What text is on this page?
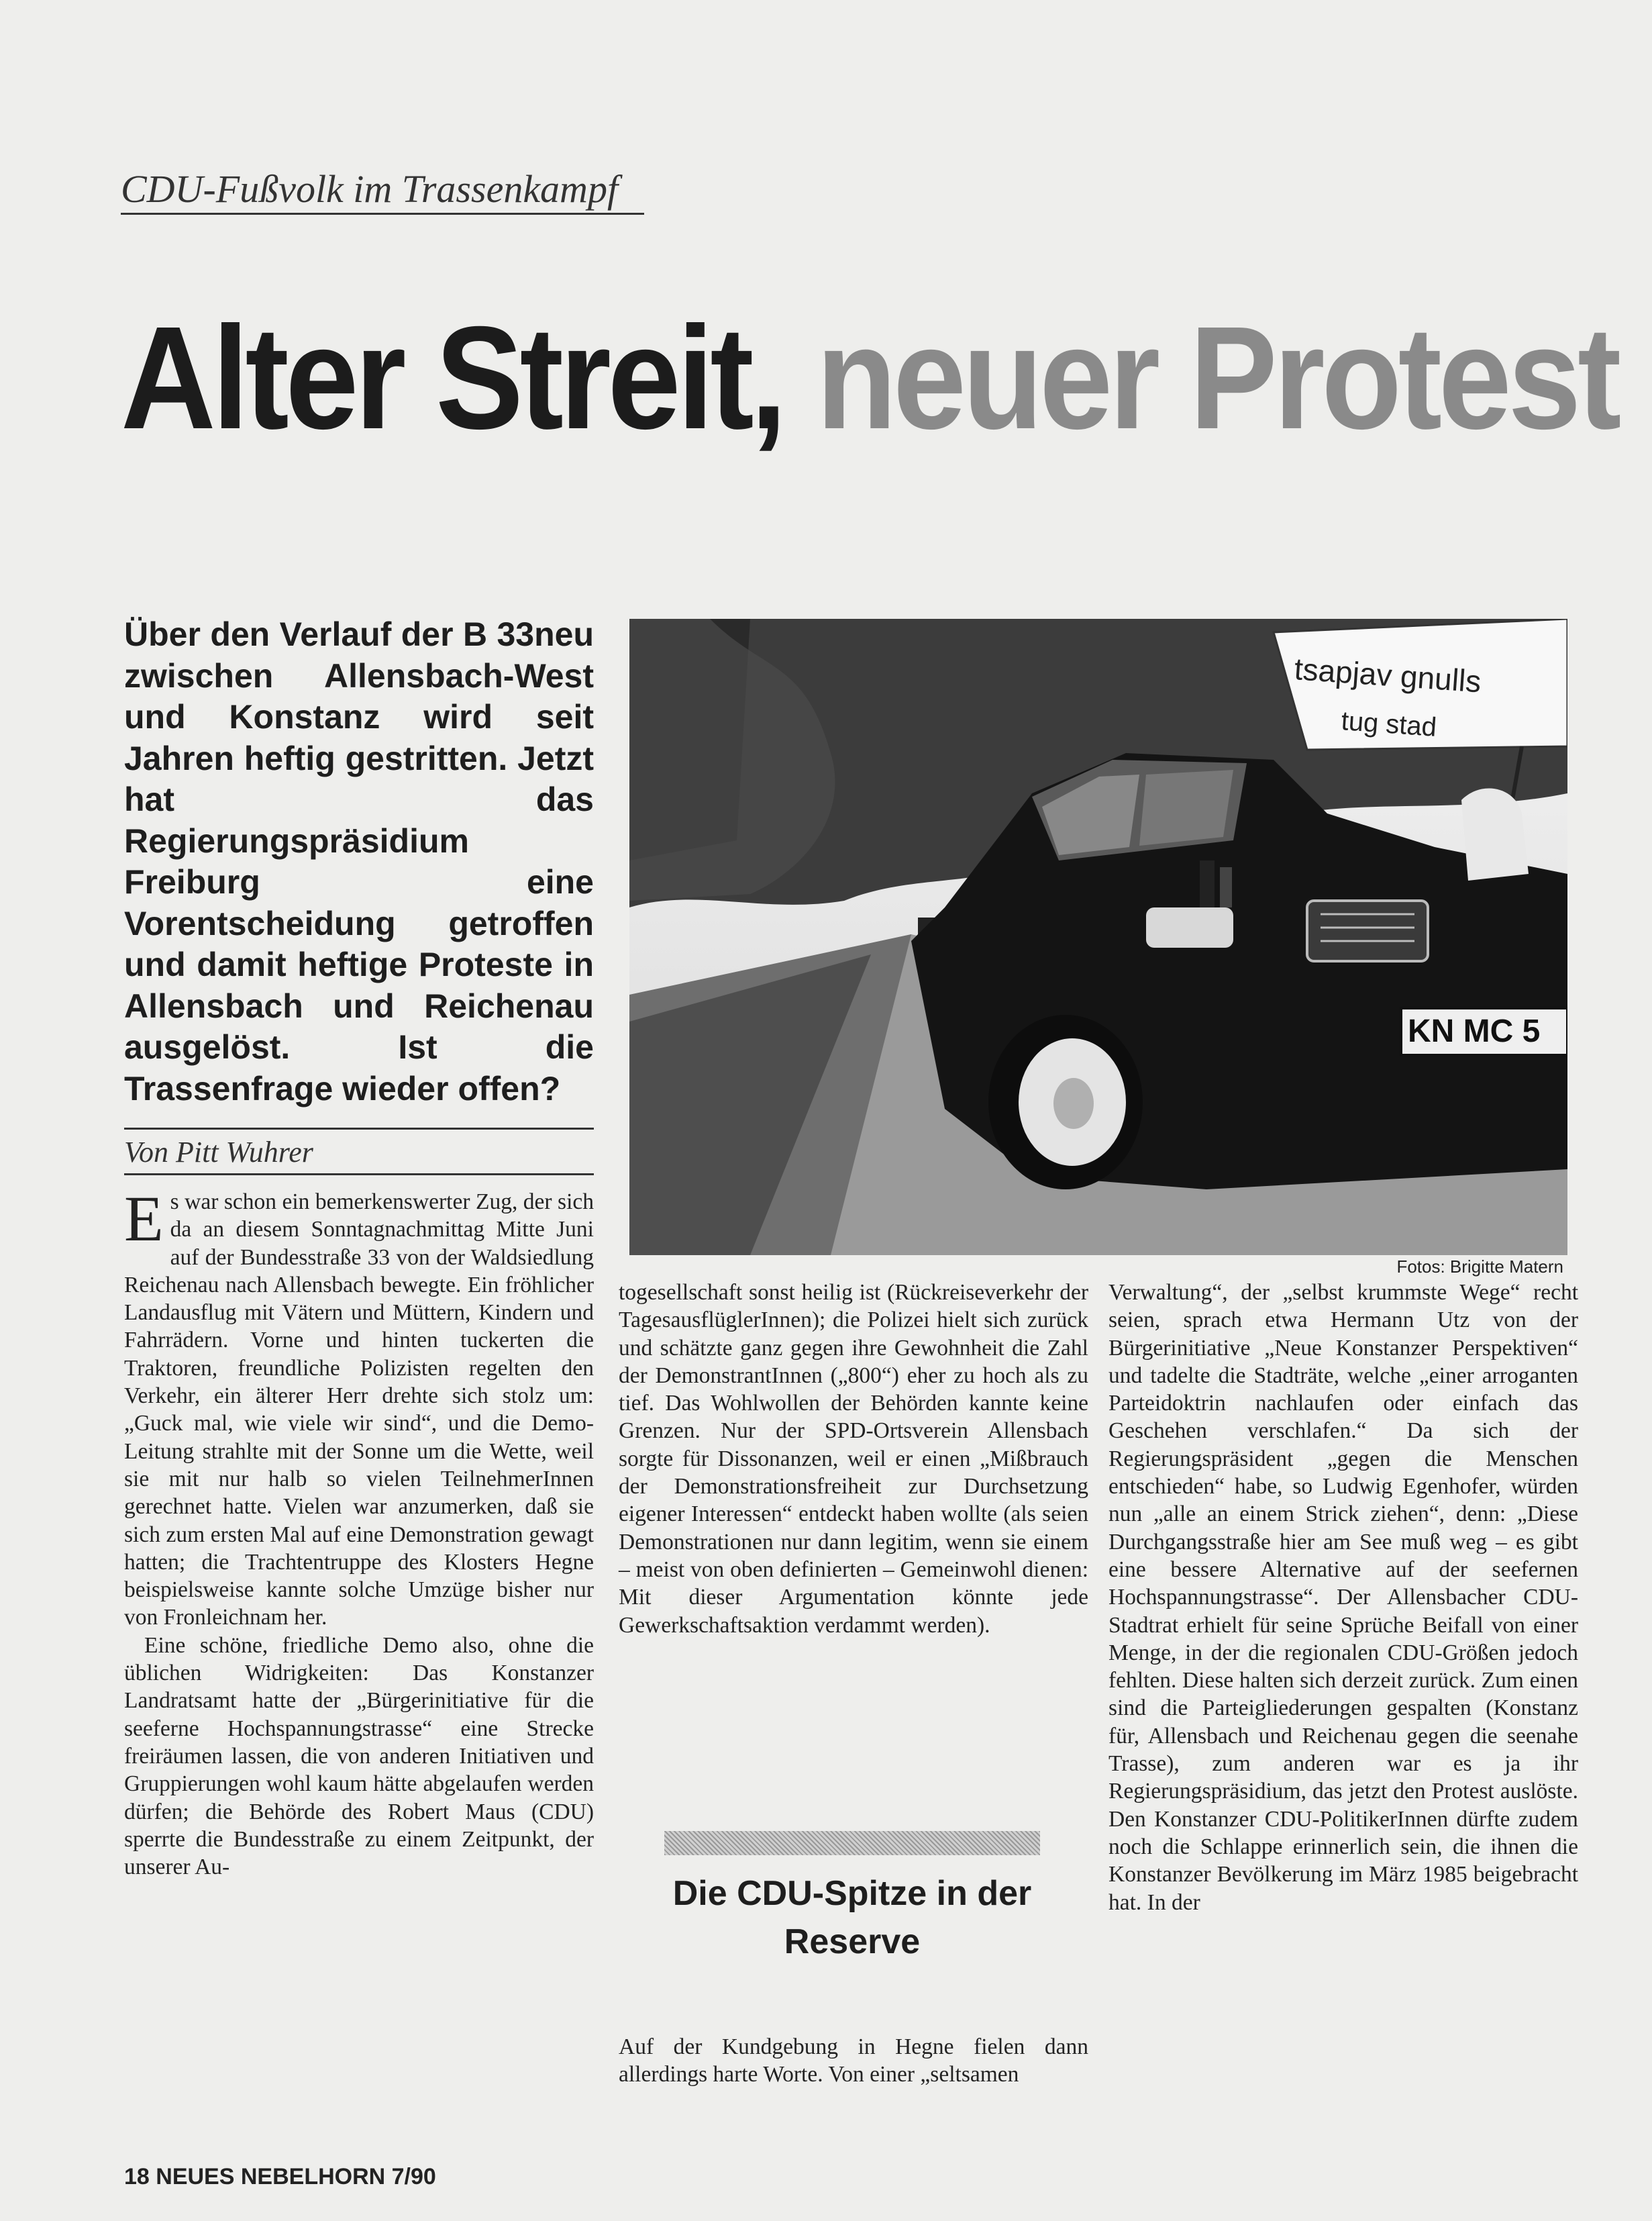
CDU-Fußvolk im Trassenkampf
Alter Streit, neuer Protest
Über den Verlauf der B 33neu zwischen Allensbach-West und Konstanz wird seit Jahren heftig gestritten. Jetzt hat das Regierungspräsidium Freiburg eine Vorentscheidung getroffen und damit heftige Proteste in Allensbach und Reichenau ausgelöst. Ist die Trassenfrage wieder offen?
Von Pitt Wuhrer

Es war schon ein bemerkenswerter Zug, der sich da an diesem Sonntagnachmittag Mitte Juni auf der Bundesstraße 33 von der Waldsiedlung Reichenau nach Allensbach bewegte. Ein fröhlicher Landausflug mit Vätern und Müttern, Kindern und Fahrrädern. Vorne und hinten tuckerten die Traktoren, freundliche Polizisten regelten den Verkehr, ein älterer Herr drehte sich stolz um: „Guck mal, wie viele wir sind“, und die Demo-Leitung strahlte mit der Sonne um die Wette, weil sie mit nur halb so vielen TeilnehmerInnen gerechnet hatte. Vielen war anzumerken, daß sie sich zum ersten Mal auf eine Demonstration gewagt hatten; die Trachtentruppe des Klosters Hegne beispielsweise kannte solche Umzüge bisher nur von Fronleichnam her.

Eine schöne, friedliche Demo also, ohne die üblichen Widrigkeiten: Das Konstanzer Landratsamt hatte der „Bürgerinitiative für die seeferne Hochspannungstrasse“ eine Strecke freiräumen lassen, die von anderen Initiativen und Gruppierungen wohl kaum hätte abgelaufen werden dürfen; die Behörde des Robert Maus (CDU) sperrte die Bundesstraße zu einem Zeitpunkt, der unserer Au-

KN MC 5
tsapjav gnulls
tug stad
Fotos: Brigitte Matern

togesellschaft sonst heilig ist (Rückreiseverkehr der TagesausflüglerInnen); die Polizei hielt sich zurück und schätzte ganz gegen ihre Gewohnheit die Zahl der DemonstrantInnen („800“) eher zu hoch als zu tief. Das Wohlwollen der Behörden kannte keine Grenzen. Nur der SPD-Ortsverein Allensbach sorgte für Dissonanzen, weil er einen „Mißbrauch der Demonstrationsfreiheit zur Durchsetzung eigener Interessen“ entdeckt haben wollte (als seien Demonstrationen nur dann legitim, wenn sie einem – meist von oben definierten – Gemeinwohl dienen: Mit dieser Argumentation könnte jede Gewerkschaftsaktion verdammt werden).

Die CDU-Spitze in der Reserve

Auf der Kundgebung in Hegne fielen dann allerdings harte Worte. Von einer „seltsamen

Verwaltung“, der „selbst krummste Wege“ recht seien, sprach etwa Hermann Utz von der Bürgerinitiative „Neue Konstanzer Perspektiven“ und tadelte die Stadträte, welche „einer arroganten Parteidoktrin nachlaufen oder einfach das Geschehen verschlafen.“ Da sich der Regierungspräsident „gegen die Menschen entschieden“ habe, so Ludwig Egenhofer, würden nun „alle an einem Strick ziehen“, denn: „Diese Durchgangsstraße hier am See muß weg – es gibt eine bessere Alternative auf der seefernen Hochspannungstrasse“. Der Allensbacher CDU-Stadtrat erhielt für seine Sprüche Beifall von einer Menge, in der die regionalen CDU-Größen jedoch fehlten. Diese halten sich derzeit zurück. Zum einen sind die Parteigliederungen gespalten (Konstanz für, Allensbach und Reichenau gegen die seenahe Trasse), zum anderen war es ja ihr Regierungspräsidium, das jetzt den Protest auslöste. Den Konstanzer CDU-PolitikerInnen dürfte zudem noch die Schlappe erinnerlich sein, die ihnen die Konstanzer Bevölkerung im März 1985 beigebracht hat. In der

18 NEUES NEBELHORN 7/90
